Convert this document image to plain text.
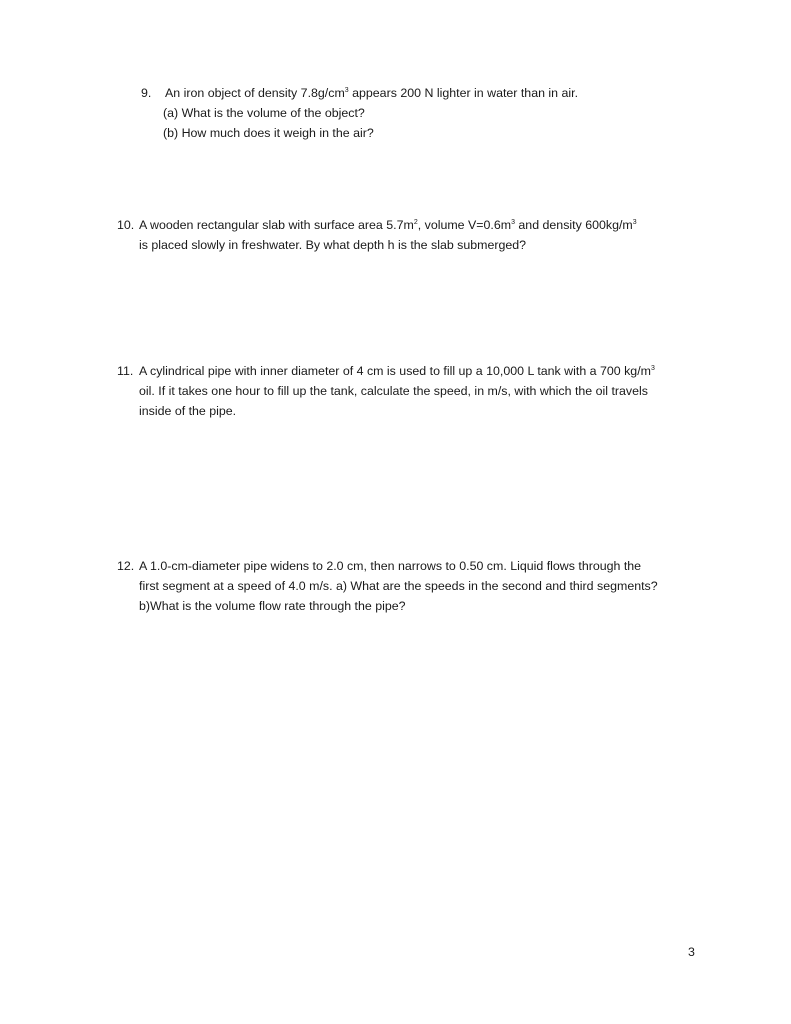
9. An iron object of density $7.8g/cm^3$ appears 200 N lighter in water than in air.
(a) What is the volume of the object?
(b) How much does it weigh in the air?
10. A wooden rectangular slab with surface area $5.7m^2$, volume $V=0.6m^3$ and density $600kg/m^3$
is placed slowly in freshwater. By what depth h is the slab submerged?
11. A cylindrical pipe with inner diameter of 4 cm is used to fill up a 10,000 L tank with a 700 $kg/m^3$
oil. If it takes one hour to fill up the tank, calculate the speed, in m/s, with which the oil travels
inside of the pipe.
12. A 1.0-cm-diameter pipe widens to 2.0 cm, then narrows to 0.50 cm. Liquid flows through the
first segment at a speed of 4.0 m/s. a) What are the speeds in the second and third segments?
b)What is the volume flow rate through the pipe?
3
